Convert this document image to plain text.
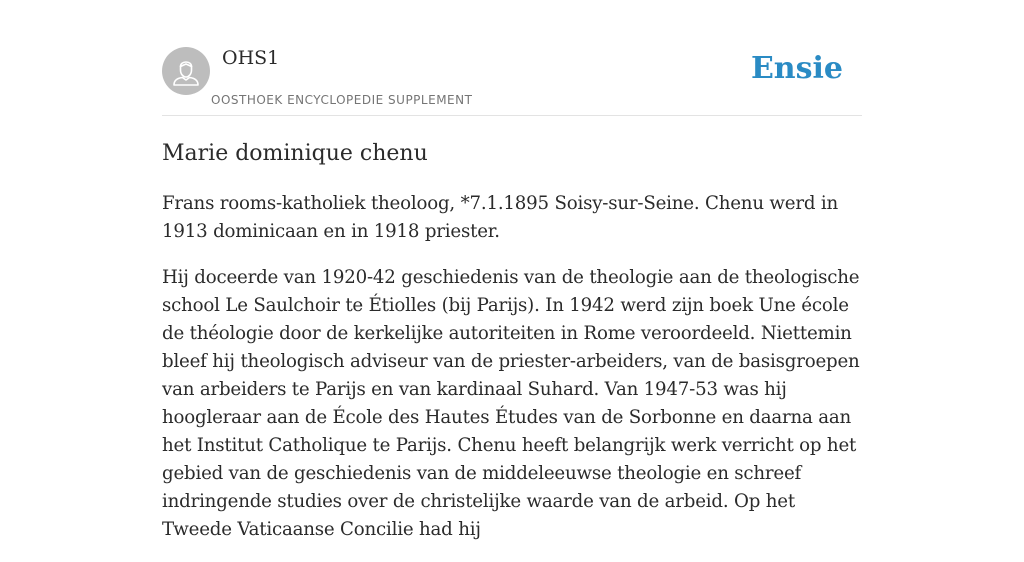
OHS1
OOSTHOEK ENCYCLOPEDIE SUPPLEMENT
Ensie
Marie dominique chenu

Frans rooms-katholiek theoloog, *7.1.1895 Soisy-sur-Seine. Chenu werd in 1913 dominicaan en in 1918 priester.

Hij doceerde van 1920-42 geschiedenis van de theologie aan de theologische school Le Saulchoir te Étiolles (bij Parijs). In 1942 werd zijn boek Une école de théologie door de kerkelijke autoriteiten in Rome veroordeeld. Niettemin bleef hij theologisch adviseur van de priester-arbeiders, van de basisgroepen van arbeiders te Parijs en van kardinaal Suhard. Van 1947-53 was hij hoogleraar aan de École des Hautes Études van de Sorbonne en daarna aan het Institut Catholique te Parijs. Chenu heeft belangrijk werk verricht op het gebied van de geschiedenis van de middeleeuwse theologie en schreef indringende studies over de christelijke waarde van de arbeid. Op het Tweede Vaticaanse Concilie had hij
